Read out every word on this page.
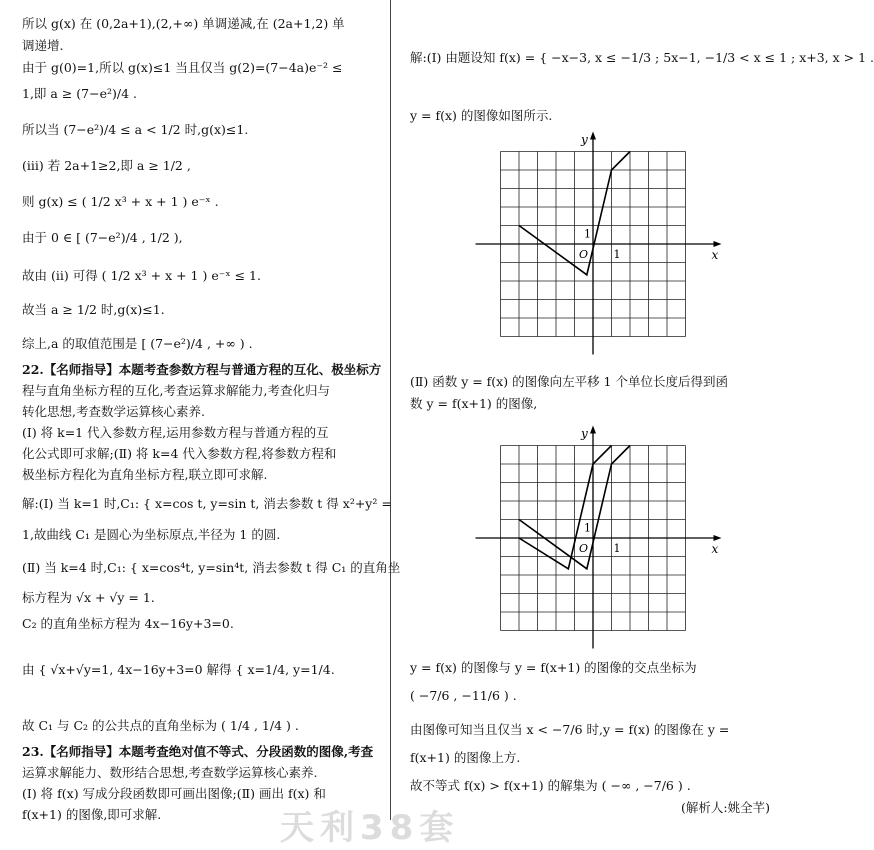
所以 g(x) 在 (0,2a+1),(2,+∞) 单调递减,在 (2a+1,2) 单
调递增.
由于 g(0)=1,所以 g(x)≤1 当且仅当 g(2)=(7−4a)e⁻² ≤
1,即 a ≥ (7−e²)/4 .
所以当 (7−e²)/4 ≤ a < 1/2 时,g(x)≤1.
(ⅲ) 若 2a+1≥2,即 a ≥ 1/2 ,
则 g(x) ≤ ( 1/2 x³ + x + 1 ) e⁻ˣ .
由于 0 ∈ [ (7−e²)/4 , 1/2 ),
故由 (ⅱ) 可得 ( 1/2 x³ + x + 1 ) e⁻ˣ ≤ 1.
故当 a ≥ 1/2 时,g(x)≤1.
综上,a 的取值范围是 [ (7−e²)/4 , +∞ ) .
22.【名师指导】本题考查参数方程与普通方程的互化、极坐标方
程与直角坐标方程的互化,考查运算求解能力,考查化归与
转化思想,考查数学运算核心素养.
(Ⅰ) 将 k=1 代入参数方程,运用参数方程与普通方程的互
化公式即可求解;(Ⅱ) 将 k=4 代入参数方程,将参数方程和
极坐标方程化为直角坐标方程,联立即可求解.
解:(Ⅰ) 当 k=1 时,C₁: { x=cos t, y=sin t, 消去参数 t 得 x²+y² =
1,故曲线 C₁ 是圆心为坐标原点,半径为 1 的圆.
(Ⅱ) 当 k=4 时,C₁: { x=cos⁴t, y=sin⁴t, 消去参数 t 得 C₁ 的直角坐
标方程为 √x + √y = 1.
C₂ 的直角坐标方程为 4x−16y+3=0.
由 { √x+√y=1, 4x−16y+3=0 解得 { x=1/4, y=1/4.
故 C₁ 与 C₂ 的公共点的直角坐标为 ( 1/4 , 1/4 ) .
23.【名师指导】本题考查绝对值不等式、分段函数的图像,考查
运算求解能力、数形结合思想,考查数学运算核心素养.
(Ⅰ) 将 f(x) 写成分段函数即可画出图像;(Ⅱ) 画出 f(x) 和
f(x+1) 的图像,即可求解.
解:(Ⅰ) 由题设知 f(x) = { −x−3, x ≤ −1/3 ; 5x−1, −1/3 < x ≤ 1 ; x+3, x > 1 .
y = f(x) 的图像如图所示.
(Ⅱ) 函数 y = f(x) 的图像向左平移 1 个单位长度后得到函
数 y = f(x+1) 的图像,
y = f(x) 的图像与 y = f(x+1) 的图像的交点坐标为
( −7/6 , −11/6 ) .
由图像可知当且仅当 x < −7/6 时,y = f(x) 的图像在 y =
f(x+1) 的图像上方.
故不等式 f(x) > f(x+1) 的解集为 ( −∞ , −7/6 ) .
(解析人:姚全芊)
天利38套
x
y
O 1
1
x
y
O 1
1
